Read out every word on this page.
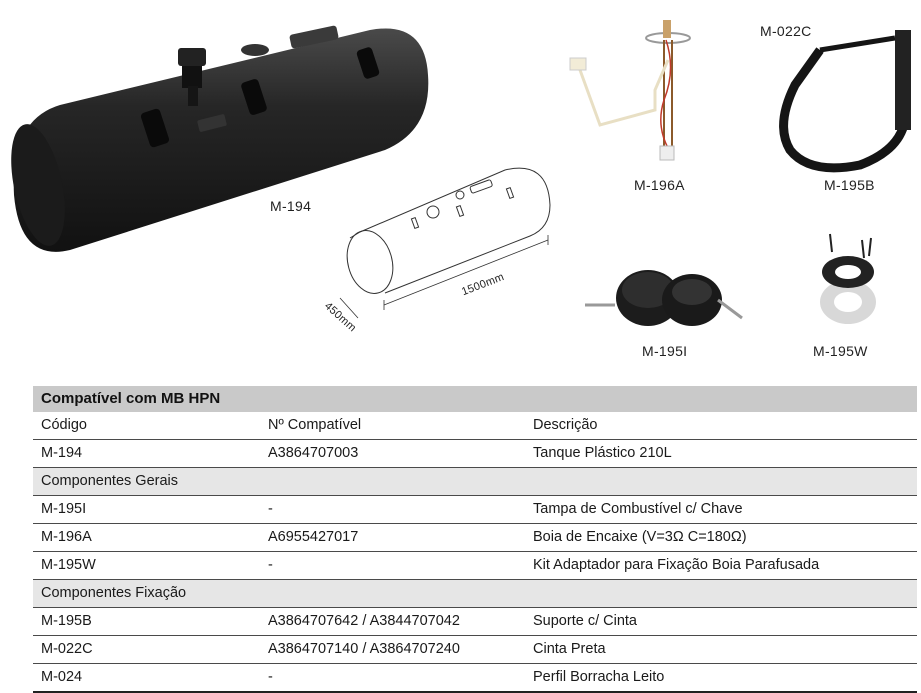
M-194
1500mm
450mm
M-196A	M-195B
M-022C
M-195I	M-195W
Compatível com MB HPN
Código	Nº Compatível	Descrição
M-194	A3864707003	Tanque Plástico 210L
Componentes Gerais
M-195I	-	Tampa de Combustível c/ Chave
M-196A	A6955427017	Boia de Encaixe (V=3Ω C=180Ω)
M-195W	-	Kit Adaptador para Fixação Boia Parafusada
Componentes Fixação
M-195B	A3864707642 / A3844707042	Suporte c/ Cinta
M-022C	A3864707140 / A3864707240	Cinta Preta
M-024	-	Perfil Borracha Leito
